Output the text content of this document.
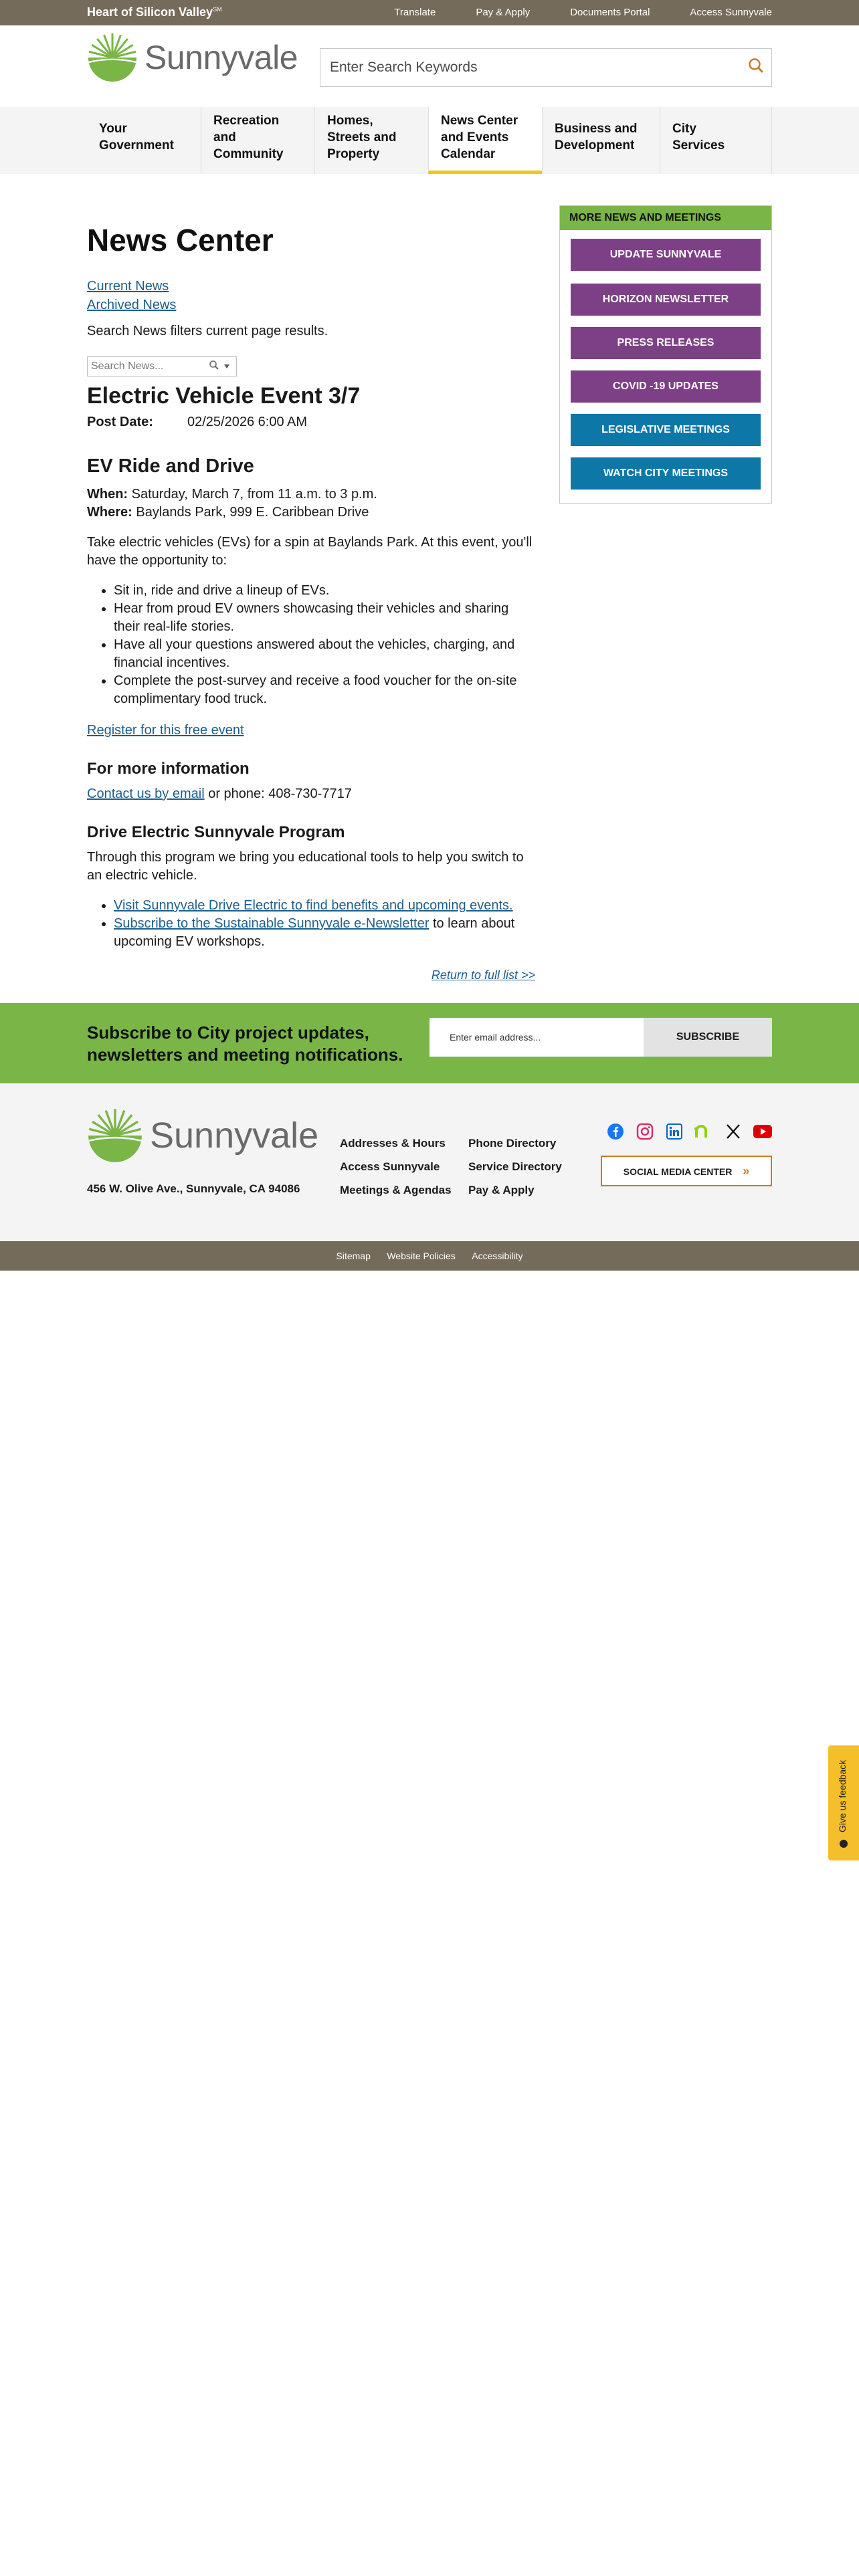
Heart of Silicon Valley℠	Translate	Pay & Apply	Documents Portal	Access Sunnyvale
Sunnyvale
Enter Search Keywords
Your
Government
Recreation
and
Community
Homes,
Streets and
Property
News Center
and Events
Calendar
Business and
Development
City
Services
News Center
Current News
Archived News
Search News filters current page results.
Search News...
Electric Vehicle Event 3/7
Post Date:	02/25/2026 6:00 AM
EV Ride and Drive

When: Saturday, March 7, from 11 a.m. to 3 p.m.
Where: Baylands Park, 999 E. Caribbean Drive

Take electric vehicles (EVs) for a spin at Baylands Park. At this event, you'll have the opportunity to:

• Sit in, ride and drive a lineup of EVs.
• Hear from proud EV owners showcasing their vehicles and sharing their real-life stories.
• Have all your questions answered about the vehicles, charging, and financial incentives.
• Complete the post-survey and receive a food voucher for the on-site complimentary food truck.

Register for this free event

For more information

Contact us by email or phone: 408-730-7717

Drive Electric Sunnyvale Program

Through this program we bring you educational tools to help you switch to an electric vehicle.

• Visit Sunnyvale Drive Electric to find benefits and upcoming events.
• Subscribe to the Sustainable Sunnyvale e-Newsletter to learn about upcoming EV workshops.
Return to full list >>
MORE NEWS AND MEETINGS
UPDATE SUNNYVALE
HORIZON NEWSLETTER
PRESS RELEASES
COVID -19 UPDATES
LEGISLATIVE MEETINGS
WATCH CITY MEETINGS
Subscribe to City project updates,
newsletters and meeting notifications.
Enter email address...
SUBSCRIBE
Sunnyvale
456 W. Olive Ave., Sunnyvale, CA 94086
Addresses & Hours
Access Sunnyvale
Meetings & Agendas
Phone Directory
Service Directory
Pay & Apply
SOCIAL MEDIA CENTER »
Sitemap Website Policies Accessibility
Give us feedback
